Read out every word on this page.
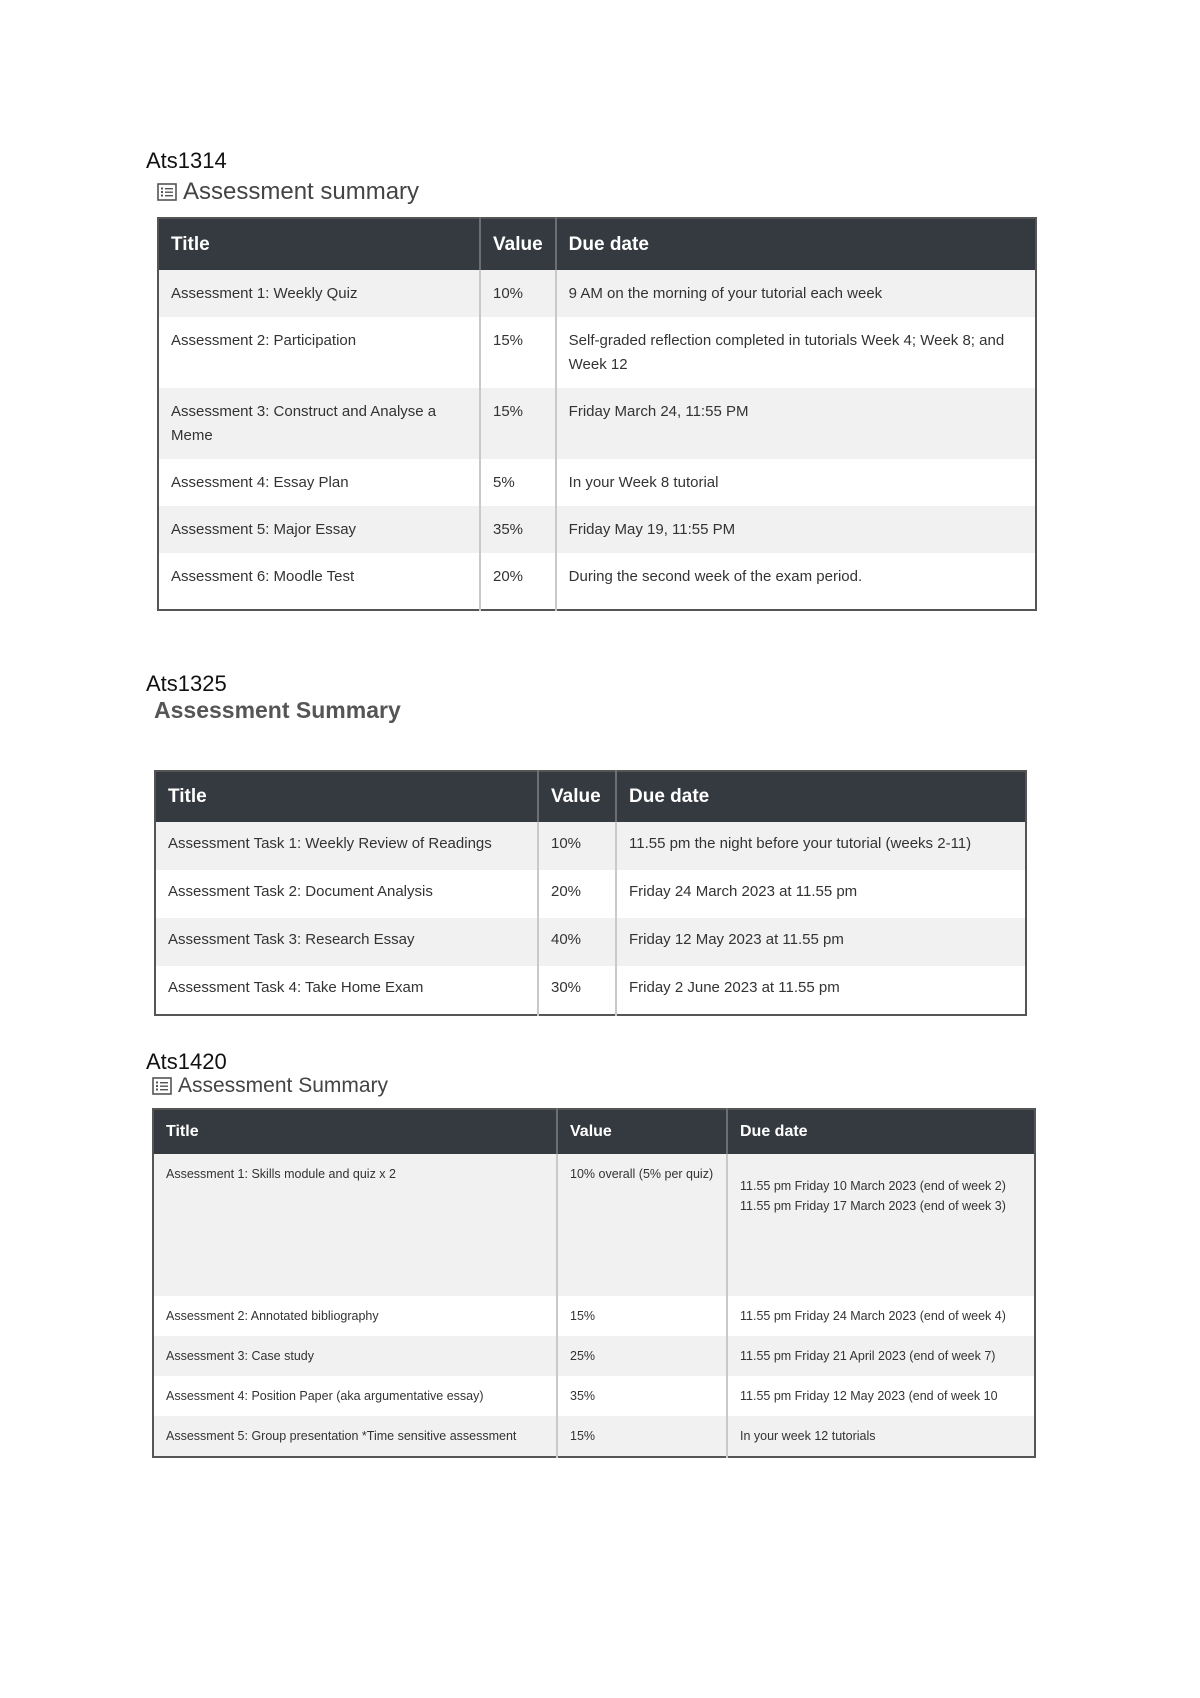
Ats1314
Assessment summary
Title	Value	Due date
Assessment 1: Weekly Quiz	10%	9 AM on the morning of your tutorial each week
Assessment 2: Participation	15%	Self-graded reflection completed in tutorials Week 4; Week 8; and Week 12
Assessment 3: Construct and Analyse a Meme	15%	Friday March 24, 11:55 PM
Assessment 4: Essay Plan	5%	In your Week 8 tutorial
Assessment 5: Major Essay	35%	Friday May 19, 11:55 PM
Assessment 6: Moodle Test	20%	During the second week of the exam period.
Ats1325
Assessment Summary
Title	Value	Due date
Assessment Task 1: Weekly Review of Readings	10%	11.55 pm the night before your tutorial (weeks 2-11)
Assessment Task 2: Document Analysis	20%	Friday 24 March 2023 at 11.55 pm
Assessment Task 3: Research Essay	40%	Friday 12 May 2023 at 11.55 pm
Assessment Task 4: Take Home Exam	30%	Friday 2 June 2023 at 11.55 pm
Ats1420
Assessment Summary
Title	Value	Due date
Assessment 1: Skills module and quiz x 2	10% overall (5% per quiz)	11.55 pm Friday 10 March 2023 (end of week 2)
11.55 pm Friday 17 March 2023 (end of week 3)

Assessment 2: Annotated bibliography	15%	11.55 pm Friday 24 March 2023 (end of week 4)
Assessment 3: Case study	25%	11.55 pm Friday 21 April 2023 (end of week 7)
Assessment 4: Position Paper (aka argumentative essay)	35%	11.55 pm Friday 12 May 2023 (end of week 10
Assessment 5: Group presentation *Time sensitive assessment	15%	In your week 12 tutorials
